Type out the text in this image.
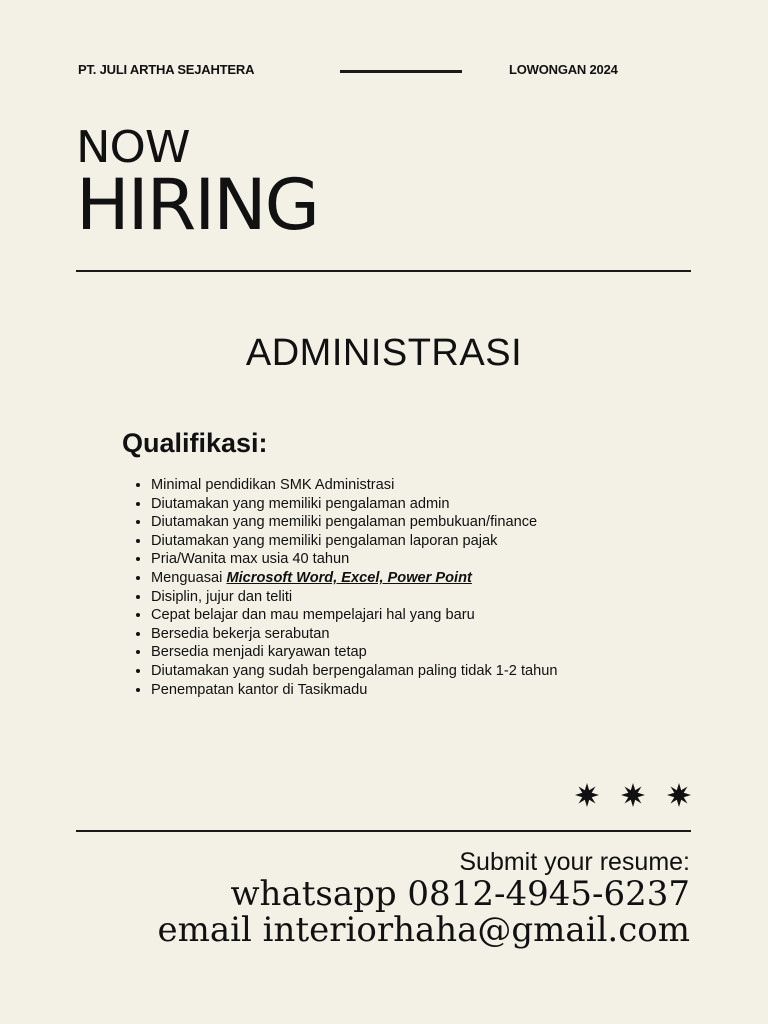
PT. JULI ARTHA SEJAHTERA	LOWONGAN 2024
NOW
HIRING
ADMINISTRASI
Qualifikasi:
• Minimal pendidikan SMK Administrasi
• Diutamakan yang memiliki pengalaman admin
• Diutamakan yang memiliki pengalaman pembukuan/finance
• Diutamakan yang memiliki pengalaman laporan pajak
• Pria/Wanita max usia 40 tahun
• Menguasai Microsoft Word, Excel, Power Point
• Disiplin, jujur dan teliti
• Cepat belajar dan mau mempelajari hal yang baru
• Bersedia bekerja serabutan
• Bersedia menjadi karyawan tetap
• Diutamakan yang sudah berpengalaman paling tidak 1-2 tahun
• Penempatan kantor di Tasikmadu
Submit your resume:
whatsapp 0812-4945-6237
email interiorhaha@gmail.com
